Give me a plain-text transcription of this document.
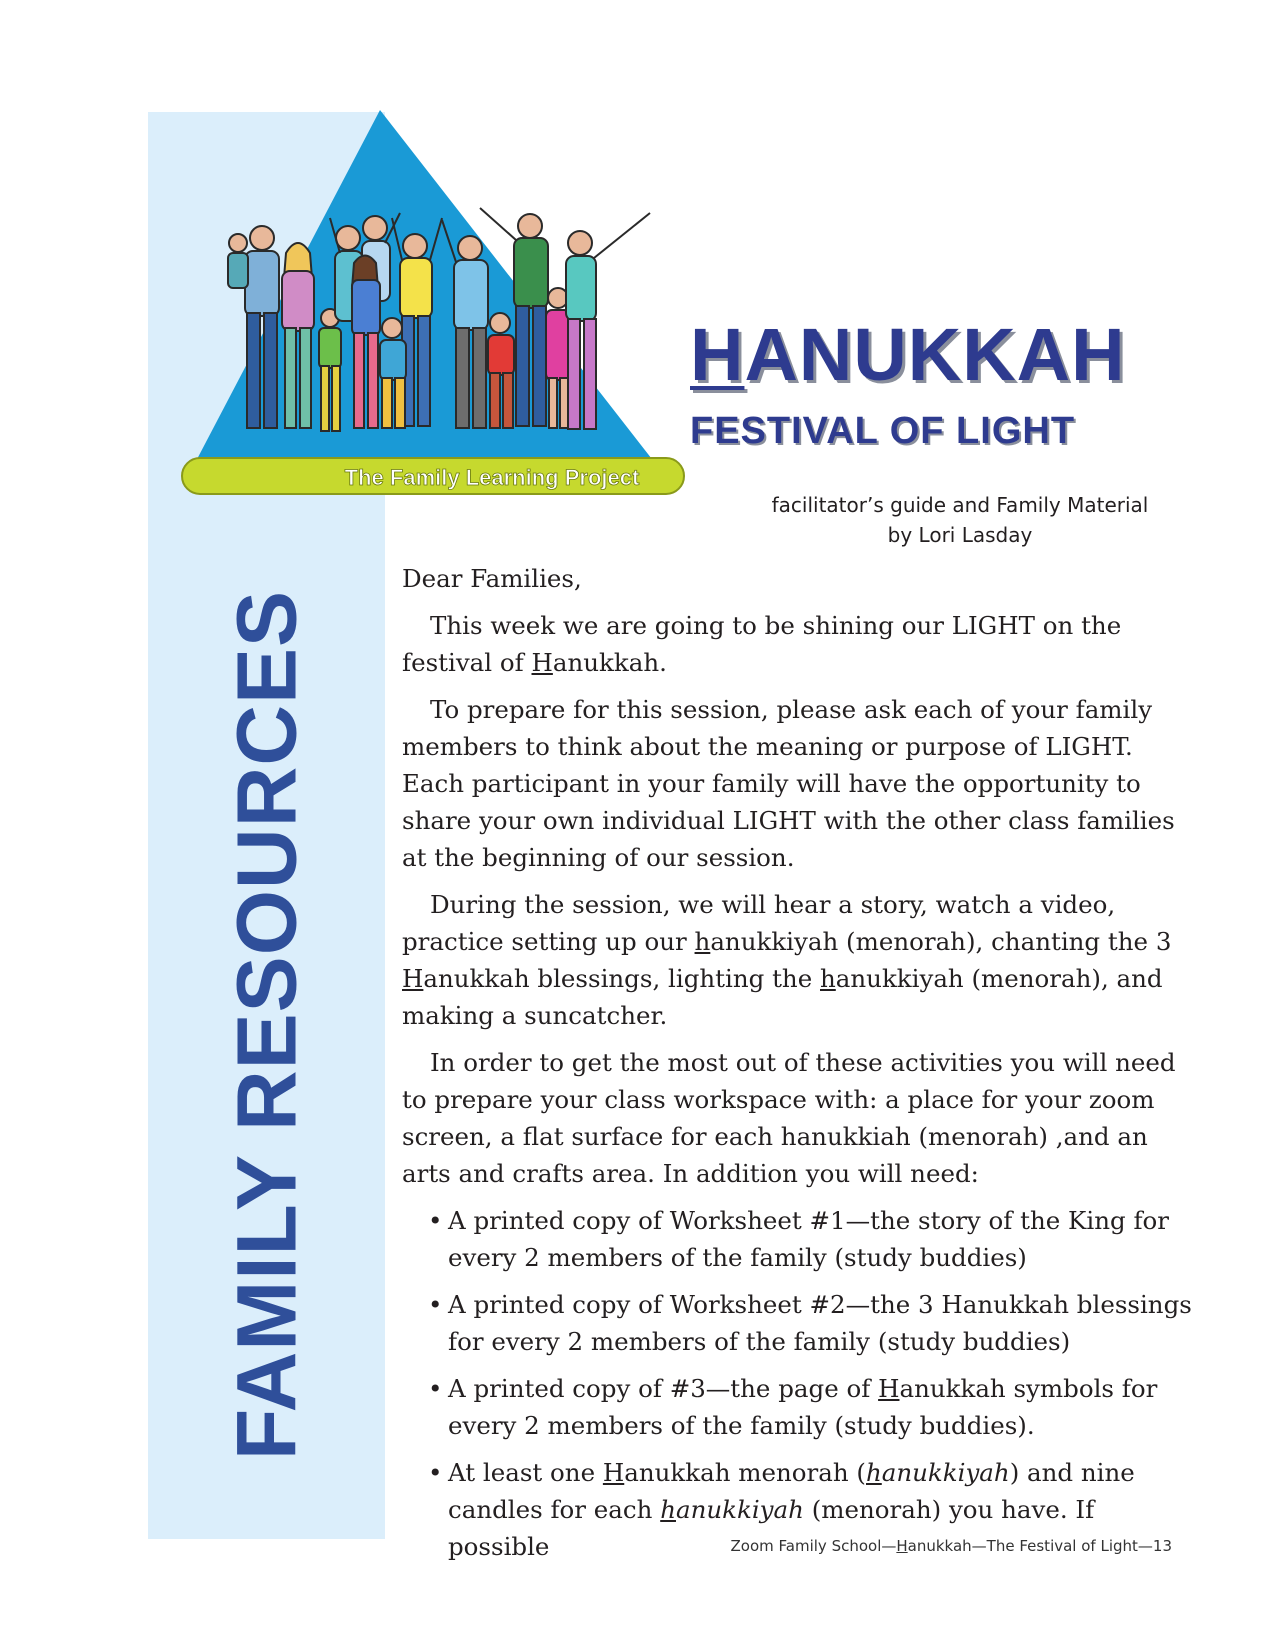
FAMILY RESOURCES
The Family Learning Project
HANUKKAH
FESTIVAL OF LIGHT
facilitator’s guide and Family Material
by Lori Lasday

Dear Families,

This week we are going to be shining our LIGHT on the festival of Hanukkah.

To prepare for this session, please ask each of your family members to think about the meaning or purpose of LIGHT. Each participant in your family will have the opportunity to share your own individual LIGHT with the other class families at the beginning of our session.

During the session, we will hear a story, watch a video, practice setting up our hanukkiyah (menorah), chanting the 3 Hanukkah blessings, lighting the hanukkiyah (menorah), and making a suncatcher.

In order to get the most out of these activities you will need to prepare your class workspace with: a place for your zoom screen, a flat surface for each hanukkiah (menorah) ,and an arts and crafts area. In addition you will need:

• A printed copy of Worksheet #1—the story of the King for every 2 members of the family (study buddies)
• A printed copy of Worksheet #2—the 3 Hanukkah blessings for every 2 members of the family (study buddies)
• A printed copy of #3—the page of Hanukkah symbols for every 2 members of the family (study buddies).
• At least one Hanukkah menorah (hanukkiyah) and nine candles for each hanukkiyah (menorah) you have. If possible	Zoom Family School—Hanukkah—The Festival of Light—13
